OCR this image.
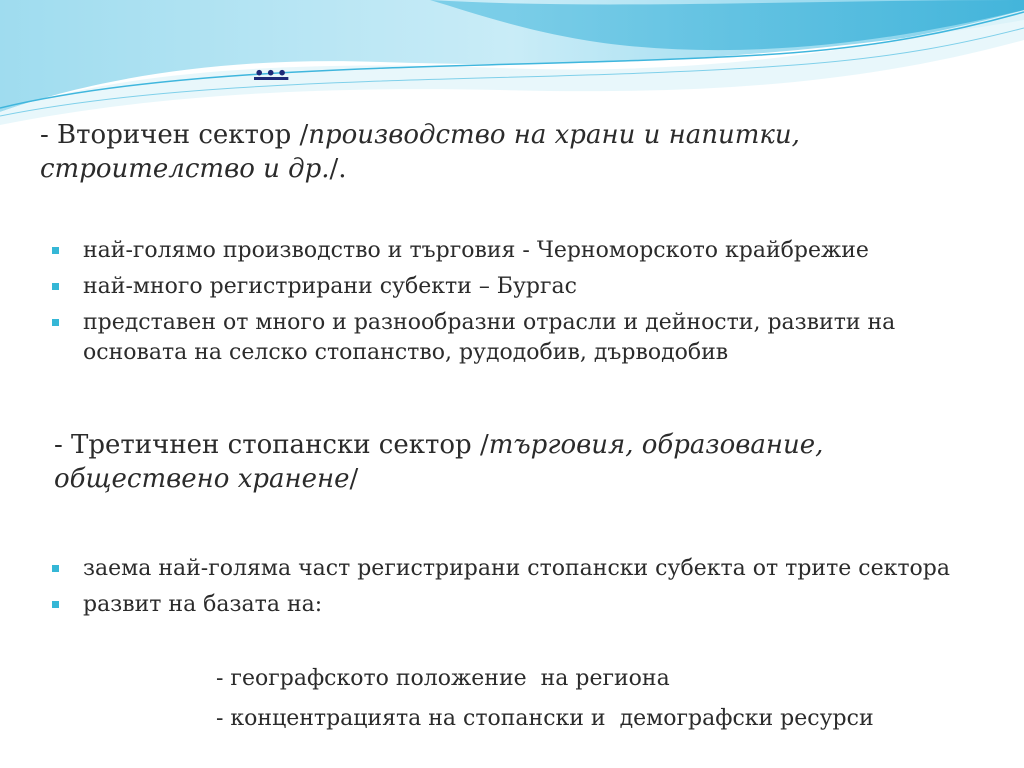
...
- Вторичен сектор /производство на храни и напитки, строителство и др./.
най-голямо производство и търговия - Черноморското крайбрежие
най-много регистрирани субекти – Бургас
представен от много и разнообразни отрасли и дейности, развити на основата на селско стопанство, рудодобив, дърводобив
- Третичнен стопански сектор /търговия, образование, обществено хранене/
заема най-голяма част регистрирани стопански субекта от трите сектора
развит на базата на:
- географското положение  на региона
- концентрацията на стопански и  демографски ресурси
